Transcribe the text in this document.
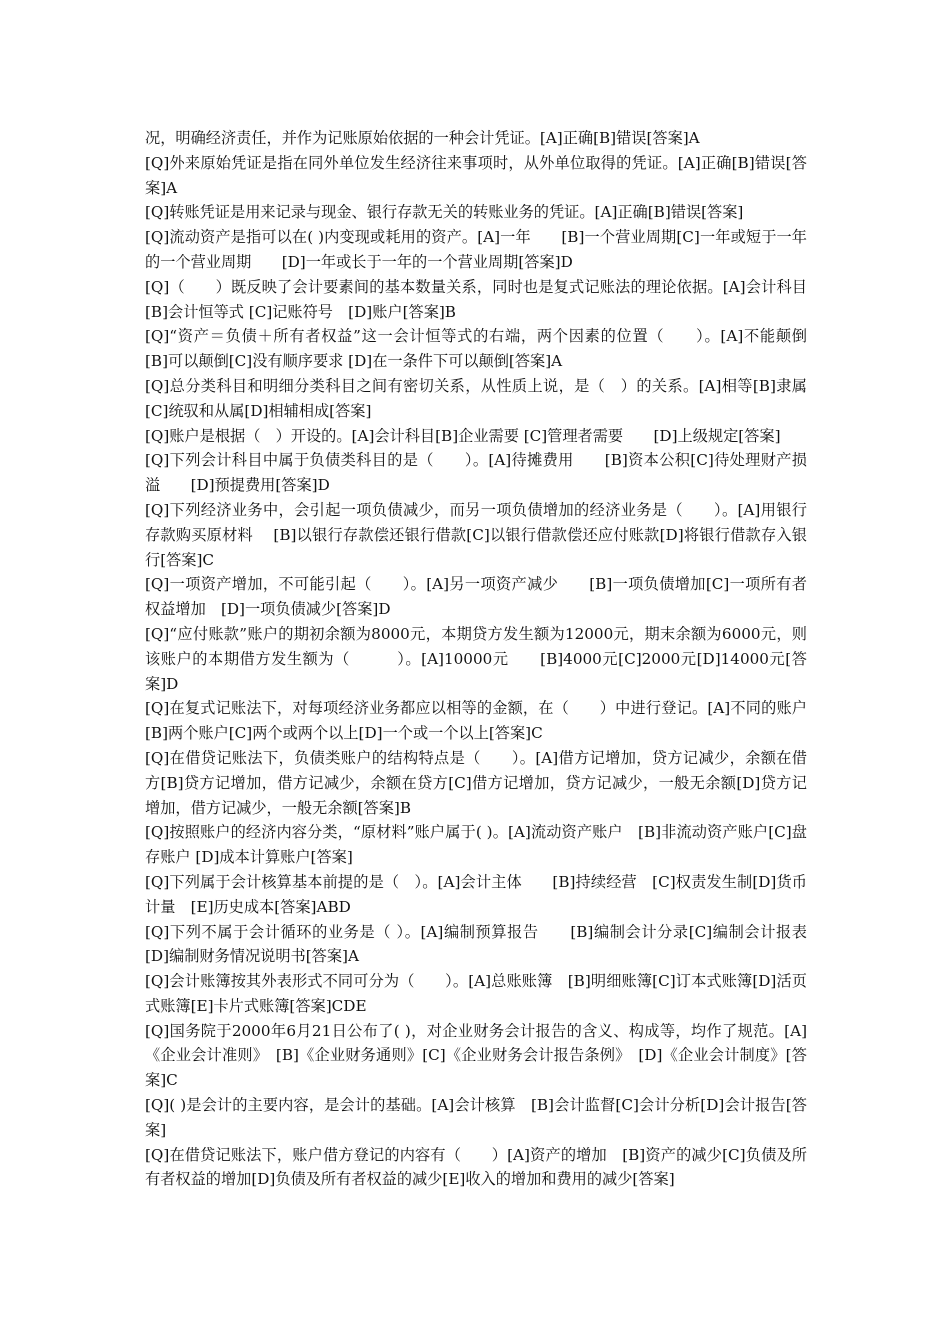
况，明确经济责任，并作为记账原始依据的一种会计凭证。[A]正确[B]错误[答案]A

[Q]外来原始凭证是指在同外单位发生经济往来事项时，从外单位取得的凭证。[A]正确[B]错误[答案]A

[Q]转账凭证是用来记录与现金、银行存款无关的转账业务的凭证。[A]正确[B]错误[答案]

[Q]流动资产是指可以在( )内变现或耗用的资产。[A]一年　　[B]一个营业周期[C]一年或短于一年的一个营业周期　　[D]一年或长于一年的一个营业周期[答案]D

[Q]（　　）既反映了会计要素间的基本数量关系，同时也是复式记账法的理论依据。[A]会计科目　[B]会计恒等式 [C]记账符号　[D]账户[答案]B

[Q]“资产＝负债＋所有者权益”这一会计恒等式的右端，两个因素的位置（　　）。[A]不能颠倒　 [B]可以颠倒[C]没有顺序要求 [D]在一条件下可以颠倒[答案]A

[Q]总分类科目和明细分类科目之间有密切关系，从性质上说，是（　）的关系。[A]相等[B]隶属 [C]统驭和从属[D]相辅相成[答案]

[Q]账户是根据（　）开设的。[A]会计科目[B]企业需要 [C]管理者需要　　[D]上级规定[答案]

[Q]下列会计科目中属于负债类科目的是（　　）。[A]待摊费用　　[B]资本公积[C]待处理财产损溢　　[D]预提费用[答案]D

[Q]下列经济业务中，会引起一项负债减少，而另一项负债增加的经济业务是（　　）。[A]用银行存款购买原材料　 [B]以银行存款偿还银行借款[C]以银行借款偿还应付账款[D]将银行借款存入银行[答案]C

[Q]一项资产增加，不可能引起（　　）。[A]另一项资产减少　　[B]一项负债增加[C]一项所有者权益增加　[D]一项负债减少[答案]D

[Q]“应付账款”账户的期初余额为8000元，本期贷方发生额为12000元，期末余额为6000元，则该账户的本期借方发生额为（　　　）。[A]10000元　　[B]4000元[C]2000元[D]14000元[答案]D

[Q]在复式记账法下，对每项经济业务都应以相等的金额，在（　　）中进行登记。[A]不同的账户　　[B]两个账户[C]两个或两个以上[D]一个或一个以上[答案]C

[Q]在借贷记账法下，负债类账户的结构特点是（　　）。[A]借方记增加，贷方记减少，余额在借方[B]贷方记增加，借方记减少，余额在贷方[C]借方记增加，贷方记减少，一般无余额[D]贷方记增加，借方记减少，一般无余额[答案]B

[Q]按照账户的经济内容分类，“原材料”账户属于( )。[A]流动资产账户　[B]非流动资产账户[C]盘存账户 [D]成本计算账户[答案]

[Q]下列属于会计核算基本前提的是（　）。[A]会计主体　　[B]持续经营　[C]权责发生制[D]货币计量　[E]历史成本[答案]ABD

[Q]下列不属于会计循环的业务是（ ）。[A]编制预算报告　　[B]编制会计分录[C]编制会计报表　　[D]编制财务情况说明书[答案]A

[Q]会计账簿按其外表形式不同可分为（　　）。[A]总账账簿　[B]明细账簿[C]订本式账簿[D]活页式账簿[E]卡片式账簿[答案]CDE

[Q]国务院于2000年6月21日公布了( )，对企业财务会计报告的含义、构成等，均作了规范。[A]《企业会计准则》　[B]《企业财务通则》[C]《企业财务会计报告条例》　[D]《企业会计制度》[答案]C

[Q]( )是会计的主要内容，是会计的基础。[A]会计核算　[B]会计监督[C]会计分析[D]会计报告[答案]

[Q]在借贷记账法下，账户借方登记的内容有（　　）[A]资产的增加　[B]资产的减少[C]负债及所有者权益的增加[D]负债及所有者权益的减少[E]收入的增加和费用的减少[答案]
